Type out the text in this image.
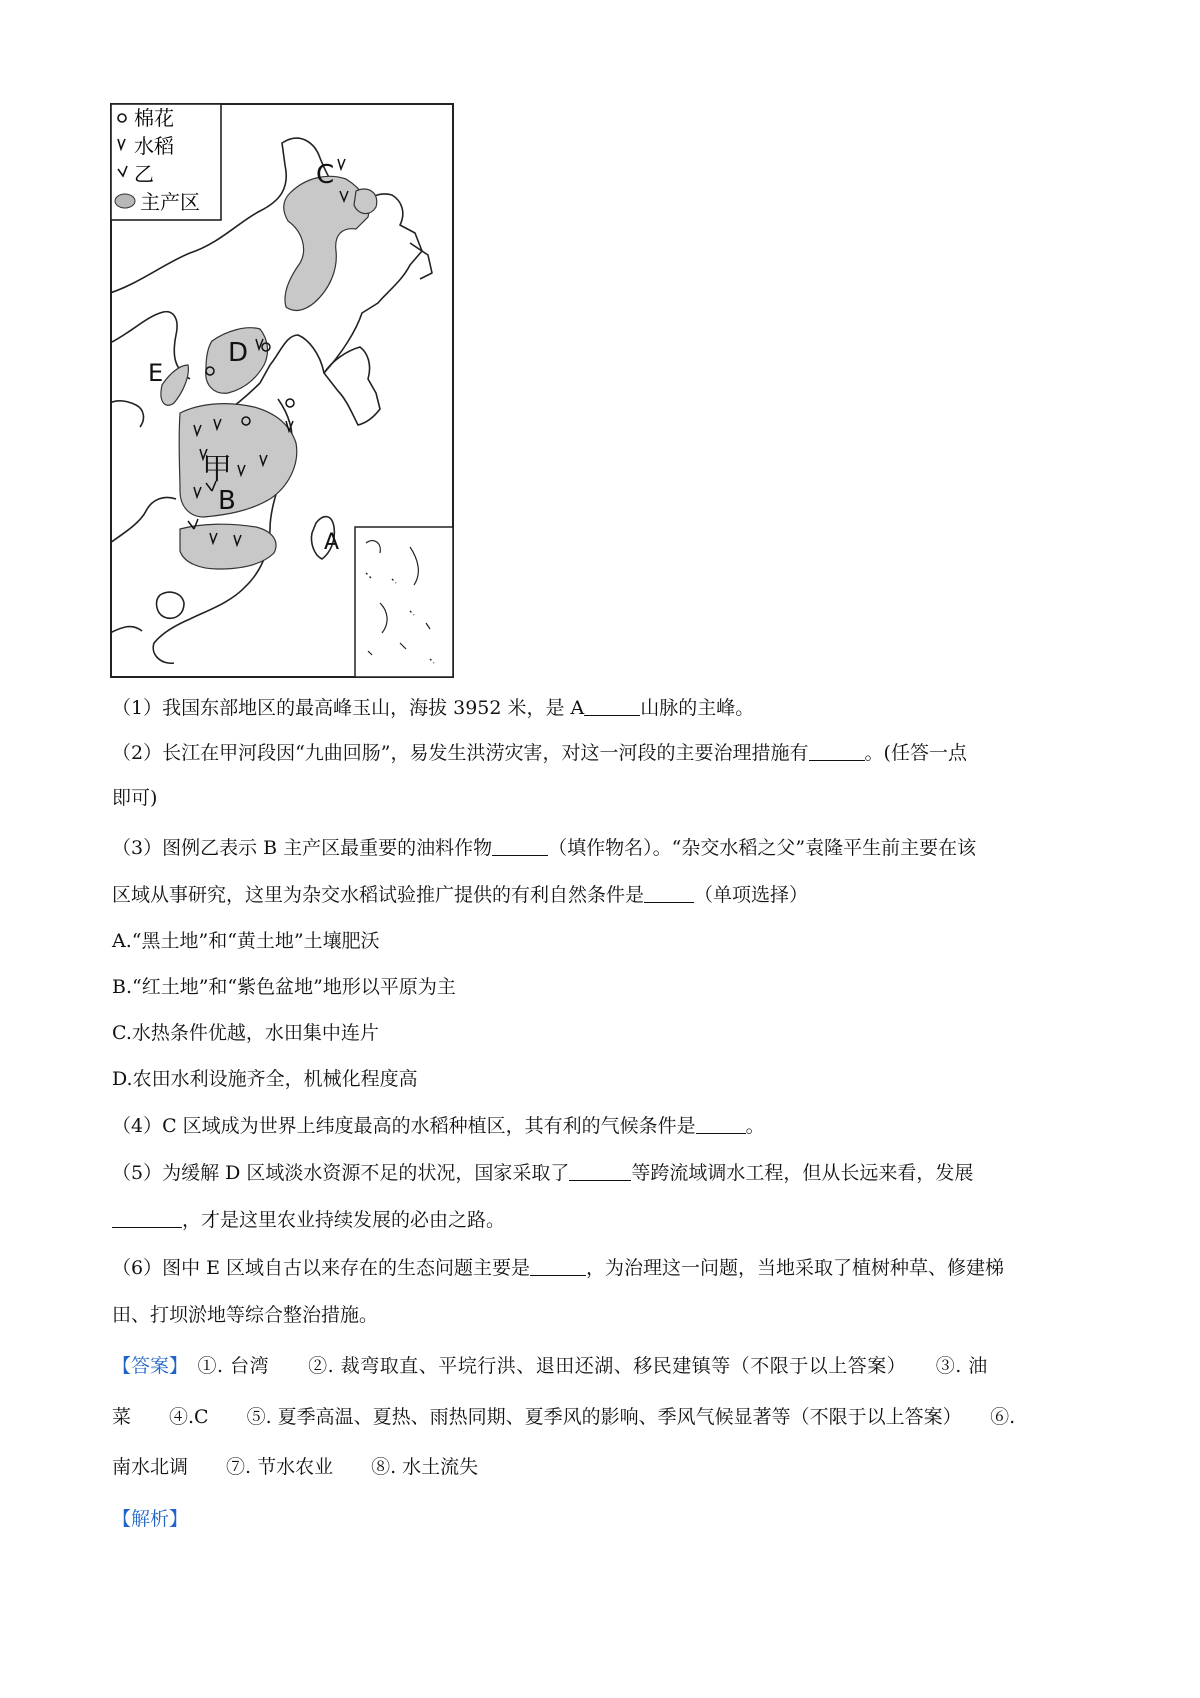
棉花
水稻
乙
主产区
C
D
E
甲
B
A
（1）我国东部地区的最高峰玉山，海拔 3952 米，是 A	山脉的主峰。
（2）长江在甲河段因“九曲回肠”，易发生洪涝灾害，对这一河段的主要治理措施有	。(任答一点
即可)
（3）图例乙表示 B 主产区最重要的油料作物	（填作物名）。“杂交水稻之父”袁隆平生前主要在该
区域从事研究，这里为杂交水稻试验推广提供的有利自然条件是	（单项选择）
A.“黑土地”和“黄土地”土壤肥沃
B.“红土地”和“紫色盆地”地形以平原为主
C.水热条件优越，水田集中连片
D.农田水利设施齐全，机械化程度高
（4）C 区域成为世界上纬度最高的水稻种植区，其有利的气候条件是	。
（5）为缓解 D 区域淡水资源不足的状况，国家采取了	等跨流域调水工程，但从长远来看，发展
，才是这里农业持续发展的必由之路。
（6）图中 E 区域自古以来存在的生态问题主要是	，为治理这一问题，当地采取了植树种草、修建梯
田、打坝淤地等综合整治措施。
【答案】　 ①. 台湾　　②. 裁弯取直、平垸行洪、退田还湖、移民建镇等（不限于以上答案）　　③. 油
菜　　④.C　　⑤. 夏季高温、夏热、雨热同期、夏季风的影响、季风气候显著等（不限于以上答案）　　⑥.
南水北调　　⑦. 节水农业　　⑧. 水土流失
【解析】
